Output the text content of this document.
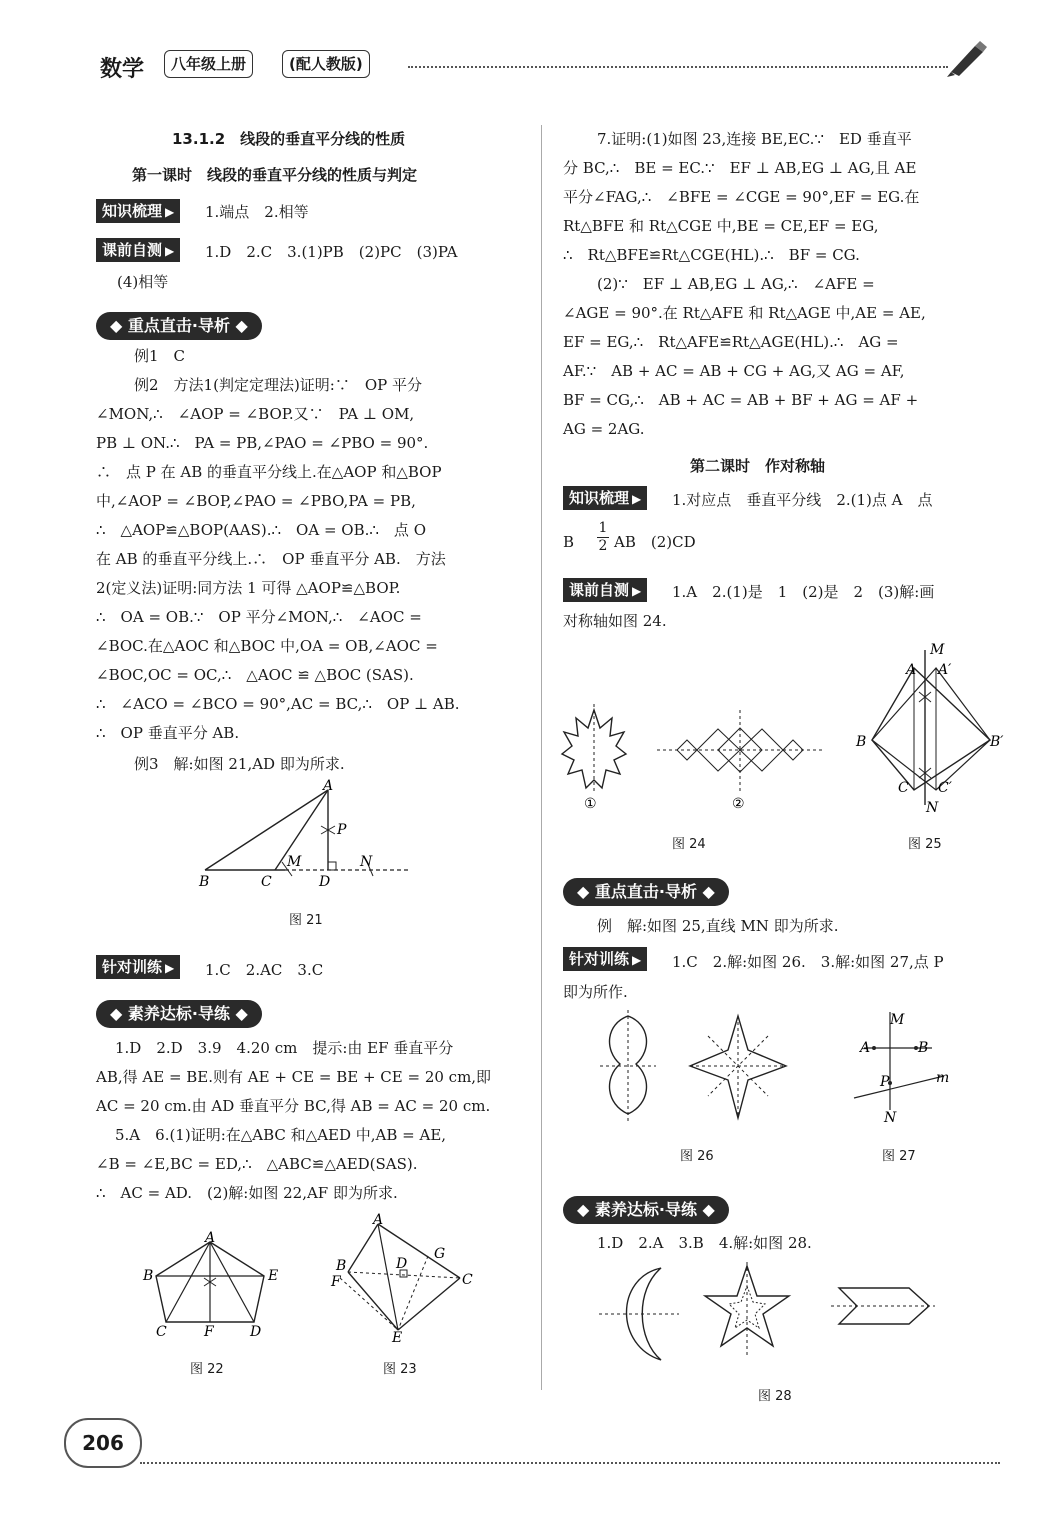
数学	八年级上册	(配人教版)
13.1.2　线段的垂直平分线的性质
第一课时　线段的垂直平分线的性质与判定
知识梳理 ▶	1.端点　2.相等
课前自测 ▶	1.D　2.C　3.(1)PB　(2)PC　(3)PA
(4)相等
◆ 重点直击·导析 ◆
例1　C
例2　方法1(判定定理法)证明:∵　OP 平分
∠MON,∴　∠AOP = ∠BOP.又∵　PA ⊥ OM,
PB ⊥ ON.∴　PA = PB,∠PAO = ∠PBO = 90°.
∴　点 P 在 AB 的垂直平分线上.在△AOP 和△BOP
中,∠AOP = ∠BOP,∠PAO = ∠PBO,PA = PB,
∴　△AOP≌△BOP(AAS).∴　OA = OB.∴　点 O
在 AB 的垂直平分线上.∴　OP 垂直平分 AB.　方法
2(定义法)证明:同方法 1 可得 △AOP≌△BOP.
∴　OA = OB.∵　OP 平分∠MON,∴　∠AOC =
∠BOC.在△AOC 和△BOC 中,OA = OB,∠AOC =
∠BOC,OC = OC,∴　△AOC ≌ △BOC (SAS).
∴　∠ACO = ∠BCO = 90°,AC = BC,∴　OP ⊥ AB.
∴　OP 垂直平分 AB.
例3　解:如图 21,AD 即为所求.
A
P
B	C	D
M	N
图 21
针对训练 ▶	1.C　2.AC　3.C
◆ 素养达标·导练 ◆
1.D　2.D　3.9　4.20 cm　提示:由 EF 垂直平分
AB,得 AE = BE.则有 AE + CE = BE + CE = 20 cm,即
AC = 20 cm.由 AD 垂直平分 BC,得 AB = AC = 20 cm.
5.A　6.(1)证明:在△ABC 和△AED 中,AB = AE,
∠B = ∠E,BC = ED,∴　△ABC≌△AED(SAS).
∴　AC = AD.　(2)解:如图 22,AF 即为所求.
A
B	E
C	F	D
图 22
A
B
F
D
G
C
E
图 23
7.证明:(1)如图 23,连接 BE,EC.∵　ED 垂直平
分 BC,∴　BE = EC.∵　EF ⊥ AB,EG ⊥ AG,且 AE
平分∠FAG,∴　∠BFE = ∠CGE = 90°,EF = EG.在
Rt△BFE 和 Rt△CGE 中,BE = CE,EF = EG,
∴　Rt△BFE≌Rt△CGE(HL).∴　BF = CG.
(2)∵　EF ⊥ AB,EG ⊥ AG,∴　∠AFE =
∠AGE = 90°.在 Rt△AFE 和 Rt△AGE 中,AE = AE,
EF = EG,∴　Rt△AFE≌Rt△AGE(HL).∴　AG =
AF.∵　AB + AC = AB + CG + AG,又 AG = AF,
BF = CG,∴　AB + AC = AB + BF + AG = AF +
AG = 2AG.
第二课时　作对称轴
知识梳理 ▶	1.对应点　垂直平分线　2.(1)点 A　点
B $\frac{1}{2}$ AB　(2)CD
课前自测 ▶	1.A　2.(1)是　1　(2)是　2　(3)解:画
对称轴如图 24.
①	②
图 24
M
A A′
B	B′
C C′
N
图 25
◆ 重点直击·导析 ◆
例　解:如图 25,直线 MN 即为所求.
针对训练 ▶	1.C　2.解:如图 26.　3.解:如图 27,点 P
即为所作.
图 26
M
A	B
P	m
N
图 27
◆ 素养达标·导练 ◆
1.D　2.A　3.B　4.解:如图 28.
图 28
206
